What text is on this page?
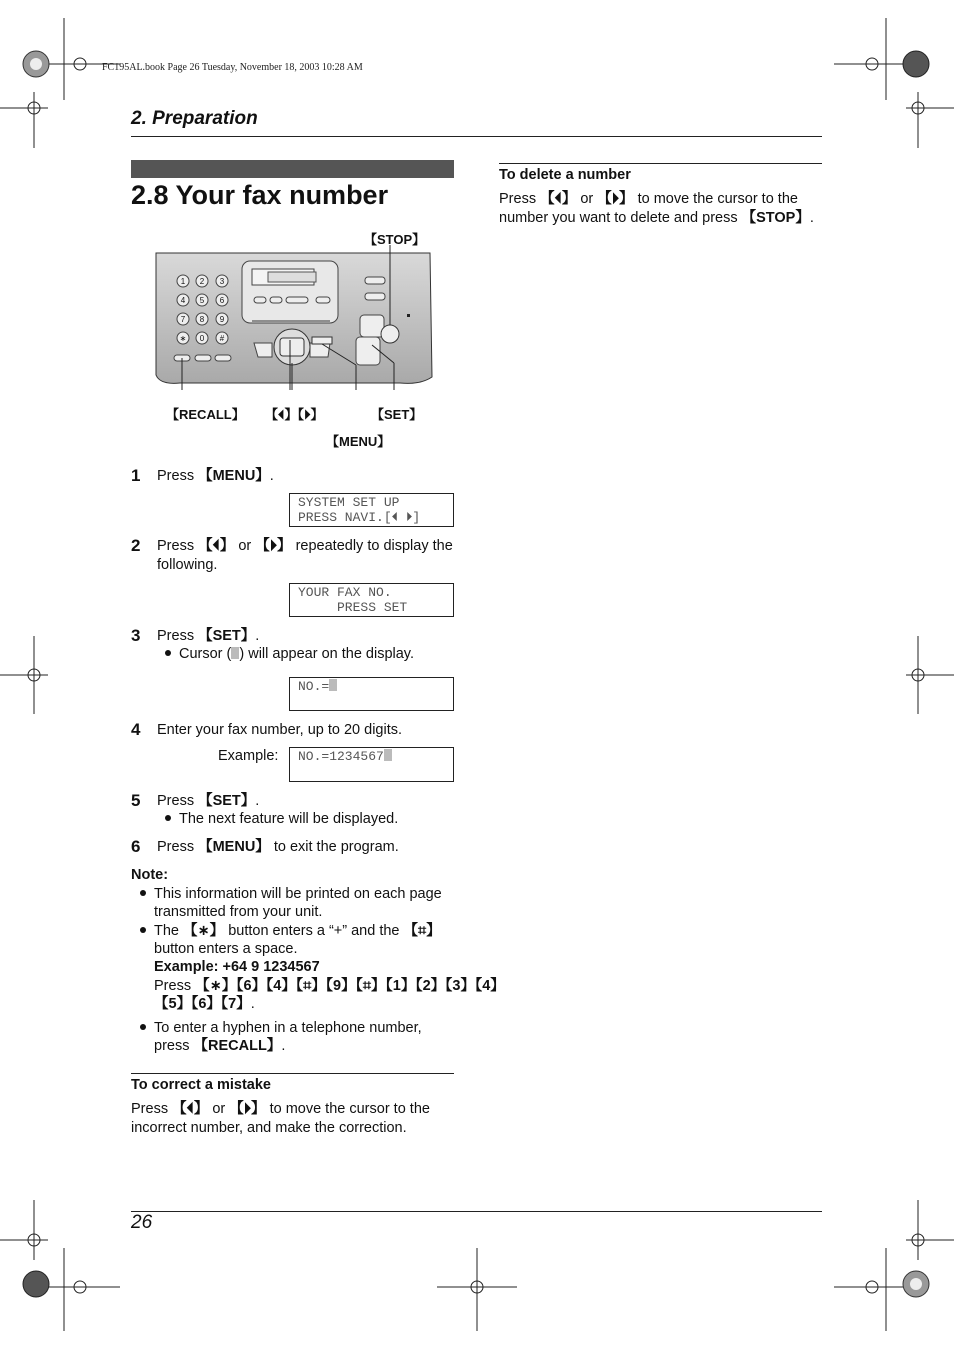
FC195AL.book Page 26 Tuesday, November 18, 2003 10:28 AM
2. Preparation
2.8 Your fax number
1 2 3
4 5 6
7 8 9
∗ 0 #
【STOP】
【RECALL】 【⏴】【⏵】	【SET】
【MENU】
1 Press 【MENU】.
SYSTEM SET UP
PRESS NAVI.[⏴ ⏵]
2 Press 【⏴】 or 【⏵】 repeatedly to display the
following.
YOUR FAX NO.
PRESS SET
3 Press 【SET】.
Cursor ( ) will appear on the display.
NO.=
4 Enter your fax number, up to 20 digits.
Example:	NO.=1234567
5 Press 【SET】.
The next feature will be displayed.
6 Press 【MENU】 to exit the program.
Note:
This information will be printed on each page
transmitted from your unit.
The 【∗】 button enters a “+” and the 【⌗】
button enters a space.
Example: +64 9 1234567
Press 【∗】【6】【4】【⌗】【9】【⌗】【1】【2】【3】【4】
【5】【6】【7】.
To enter a hyphen in a telephone number,
press 【RECALL】.
To correct a mistake
Press 【⏴】 or 【⏵】 to move the cursor to the
incorrect number, and make the correction.
To delete a number
Press 【⏴】 or 【⏵】 to move the cursor to the
number you want to delete and press 【STOP】.
26
